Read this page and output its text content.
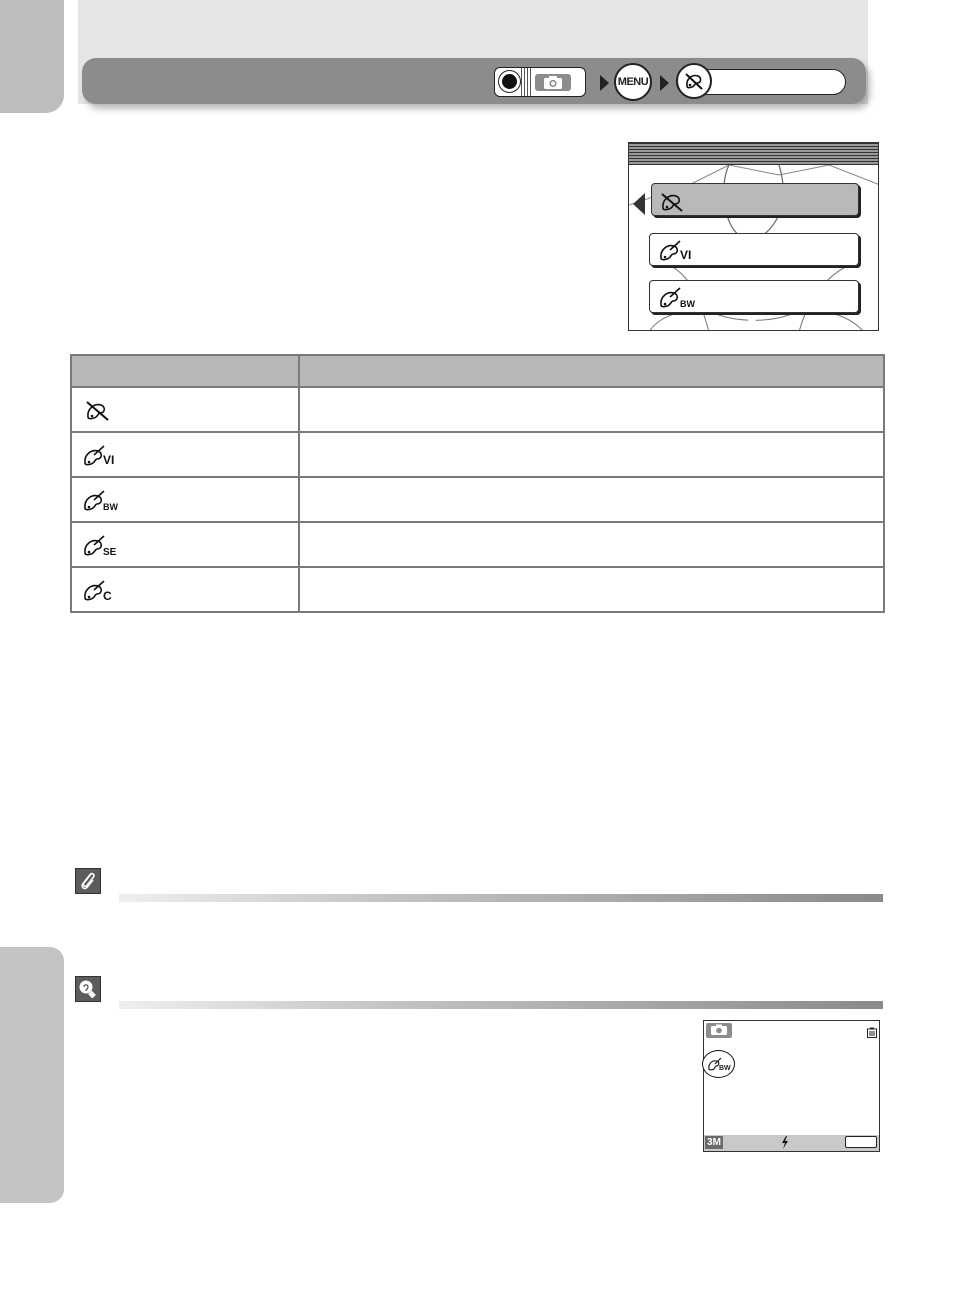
MENU
VI
BW

VI	

BW	

SE	

C	

BW
3M
